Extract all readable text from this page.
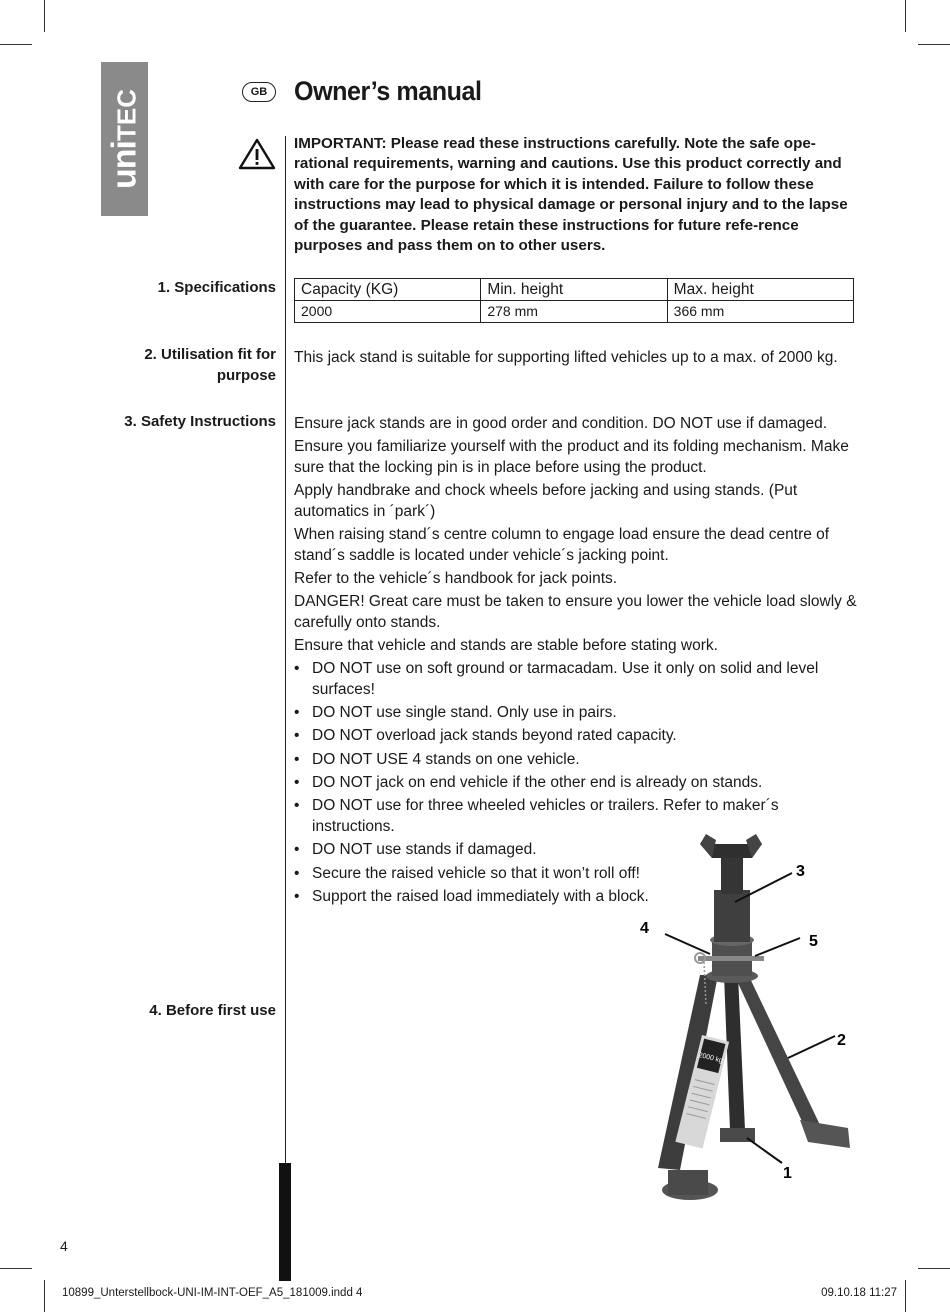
uniTEC	GB Owner’s manual
IMPORTANT: Please read these instructions carefully. Note the safe ope-rational requirements, warning and cautions. Use this product correctly and with care for the purpose for which it is intended. Failure to follow these instructions may lead to physical damage or personal injury and to the lapse of the guarantee. Please retain these instructions for future refe-rence purposes and pass them on to other users.
1. Specifications
2. Utilisation fit for purpose
3. Safety Instructions
4. Before first use
Capacity (KG)	Min. height	Max. height
2000	278 mm	366 mm
This jack stand is suitable for supporting lifted vehicles up to a max. of 2000 kg.

Ensure jack stands are in good order and condition. DO NOT use if damaged.

Ensure you familiarize yourself with the product and its folding mechanism. Make sure that the locking pin is in place before using the product.

Apply handbrake and chock wheels before jacking and using stands. (Put automatics in ´park´)

When raising stand´s centre column to engage load ensure the dead centre of stand´s saddle is located under vehicle´s jacking point.

Refer to the vehicle´s handbook for jack points.

DANGER! Great care must be taken to ensure you lower the vehicle load slowly & carefully onto stands.

Ensure that vehicle and stands are stable before stating work.

• DO NOT use on soft ground or tarmacadam. Use it only on solid and level surfaces!
• DO NOT use single stand. Only use in pairs.
• DO NOT overload jack stands beyond rated capacity.
• DO NOT USE 4 stands on one vehicle.
• DO NOT jack on end vehicle if the other end is already on stands.
• DO NOT use for three wheeled vehicles or trailers. Refer to maker´s instructions.
• DO NOT use stands if damaged.
• Secure the raised vehicle so that it won’t roll off!
• Support the raised load immediately with a block.
2000 kg
3
4
5
2
1
4
10899_Unterstellbock-UNI-IM-INT-OEF_A5_181009.indd 4	09.10.18 11:27
